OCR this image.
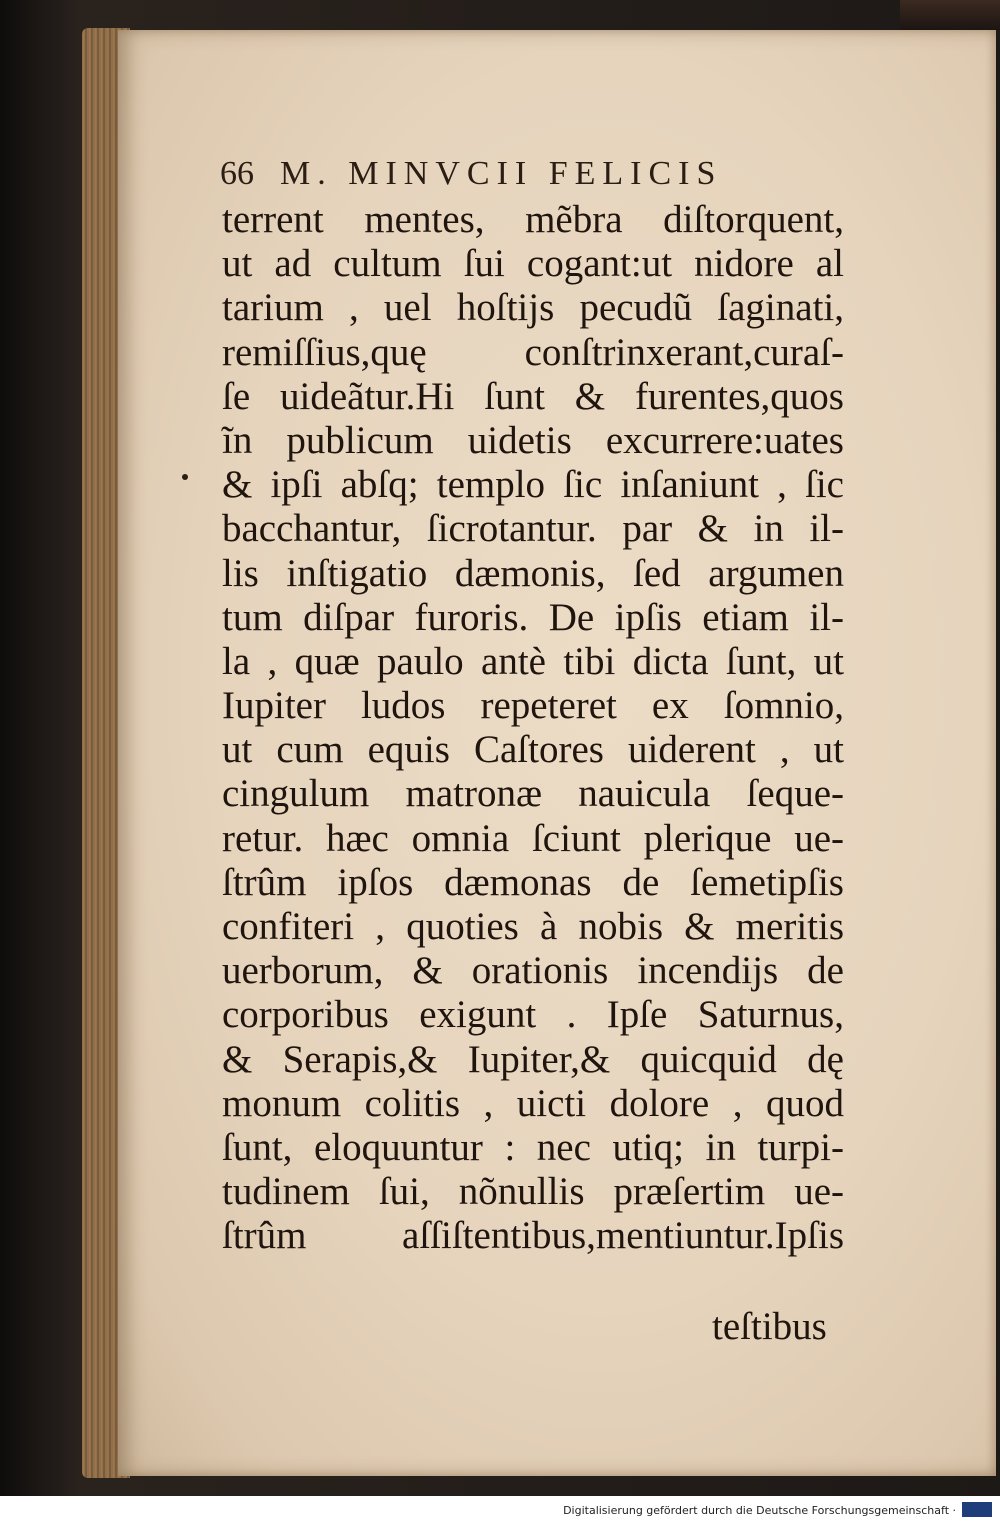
66 M. MINVCII FELICIS
terrent mentes, mẽbra diſtorquent,
ut ad cultum ſui cogant:ut nidore al
tarium , uel hoſtijs pecudũ ſaginati,
remiſſius,quę conſtrinxerant,curaſ-
ſe uideãtur.Hi ſunt & furentes,quos
ĩn publicum uidetis excurrere:uates
& ipſi abſq; templo ſic inſaniunt , ſic
bacchantur, ſicrotantur. par & in il-
lis inſtigatio dæmonis, ſed argumen
tum diſpar furoris. De ipſis etiam il-
la , quæ paulo antè tibi dicta ſunt, ut
Iupiter ludos repeteret ex ſomnio,
ut cum equis Caſtores uiderent , ut
cingulum matronæ nauicula ſeque-
retur. hæc omnia ſciunt plerique ue-
ſtrûm ipſos dæmonas de ſemetipſis
confiteri , quoties à nobis & meritis
uerborum, & orationis incendijs de
corporibus exigunt . Ipſe Saturnus,
& Serapis,& Iupiter,& quicquid dę
monum colitis , uicti dolore , quod
ſunt, eloquuntur : nec utiq; in turpi-
tudinem ſui, nõnullis præſertim ue-
ſtrûm aſſiſtentibus,mentiuntur.Ipſis
teſtibus
Digitalisierung gefördert durch die Deutsche Forschungsgemeinschaft ·
